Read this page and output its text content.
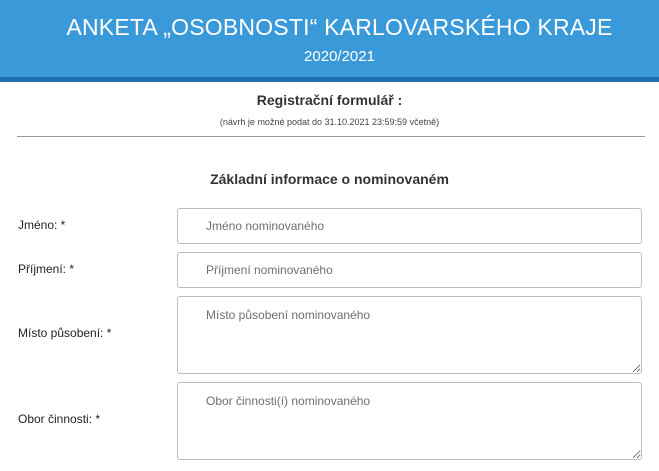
ANKETA „OSOBNOSTI“ KARLOVARSKÉHO KRAJE
2020/2021
Registrační formulář :
(návrh je možné podat do 31.10.2021 23:59:59 včetně)
Základní informace o nominovaném
Jméno: *
Jméno nominovaného
Příjmení: *
Příjmení nominovaného
Místo působení: *
Místo působení nominovaného
Obor činnosti: *
Obor činnosti(í) nominovaného
